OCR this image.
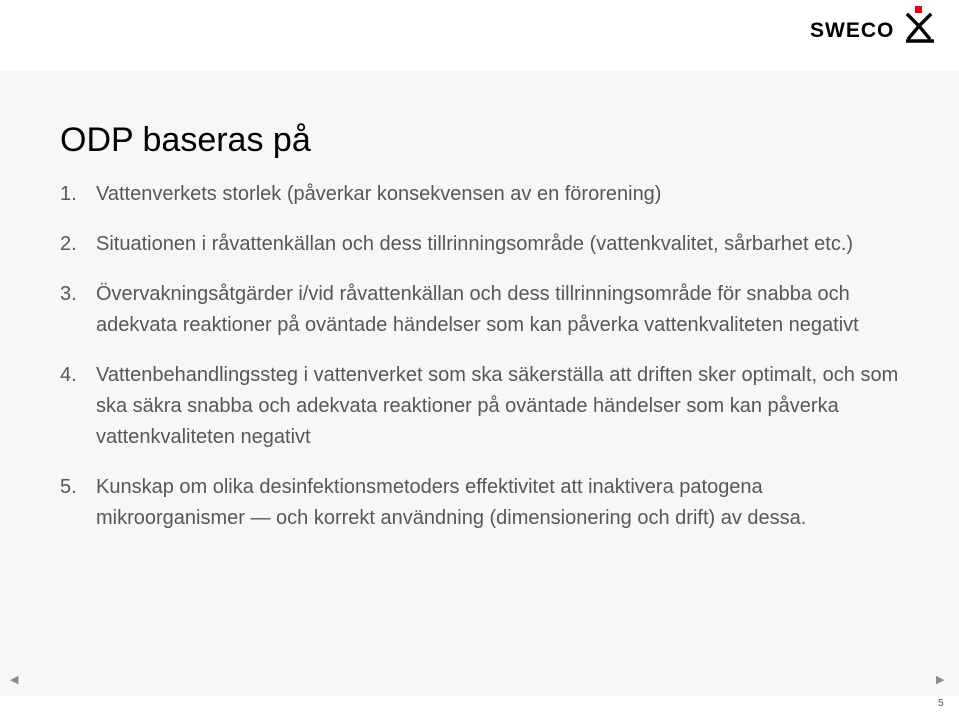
SWECO
ODP baseras på
1. Vattenverkets storlek (påverkar konsekvensen av en förorening)
2. Situationen i råvattenkällan och dess tillrinningsområde (vattenkvalitet, sårbarhet etc.)
3. Övervakningsåtgärder i/vid råvattenkällan och dess tillrinningsområde för snabba och adekvata reaktioner på oväntade händelser som kan påverka vattenkvaliteten negativt
4. Vattenbehandlingssteg i vattenverket som ska säkerställa att driften sker optimalt, och som ska säkra snabba och adekvata reaktioner på oväntade händelser som kan påverka vattenkvaliteten negativt
5. Kunskap om olika desinfektionsmetoders effektivitet att inaktivera patogena mikroorganismer — och korrekt användning (dimensionering och drift) av dessa.
◀	▶
5
